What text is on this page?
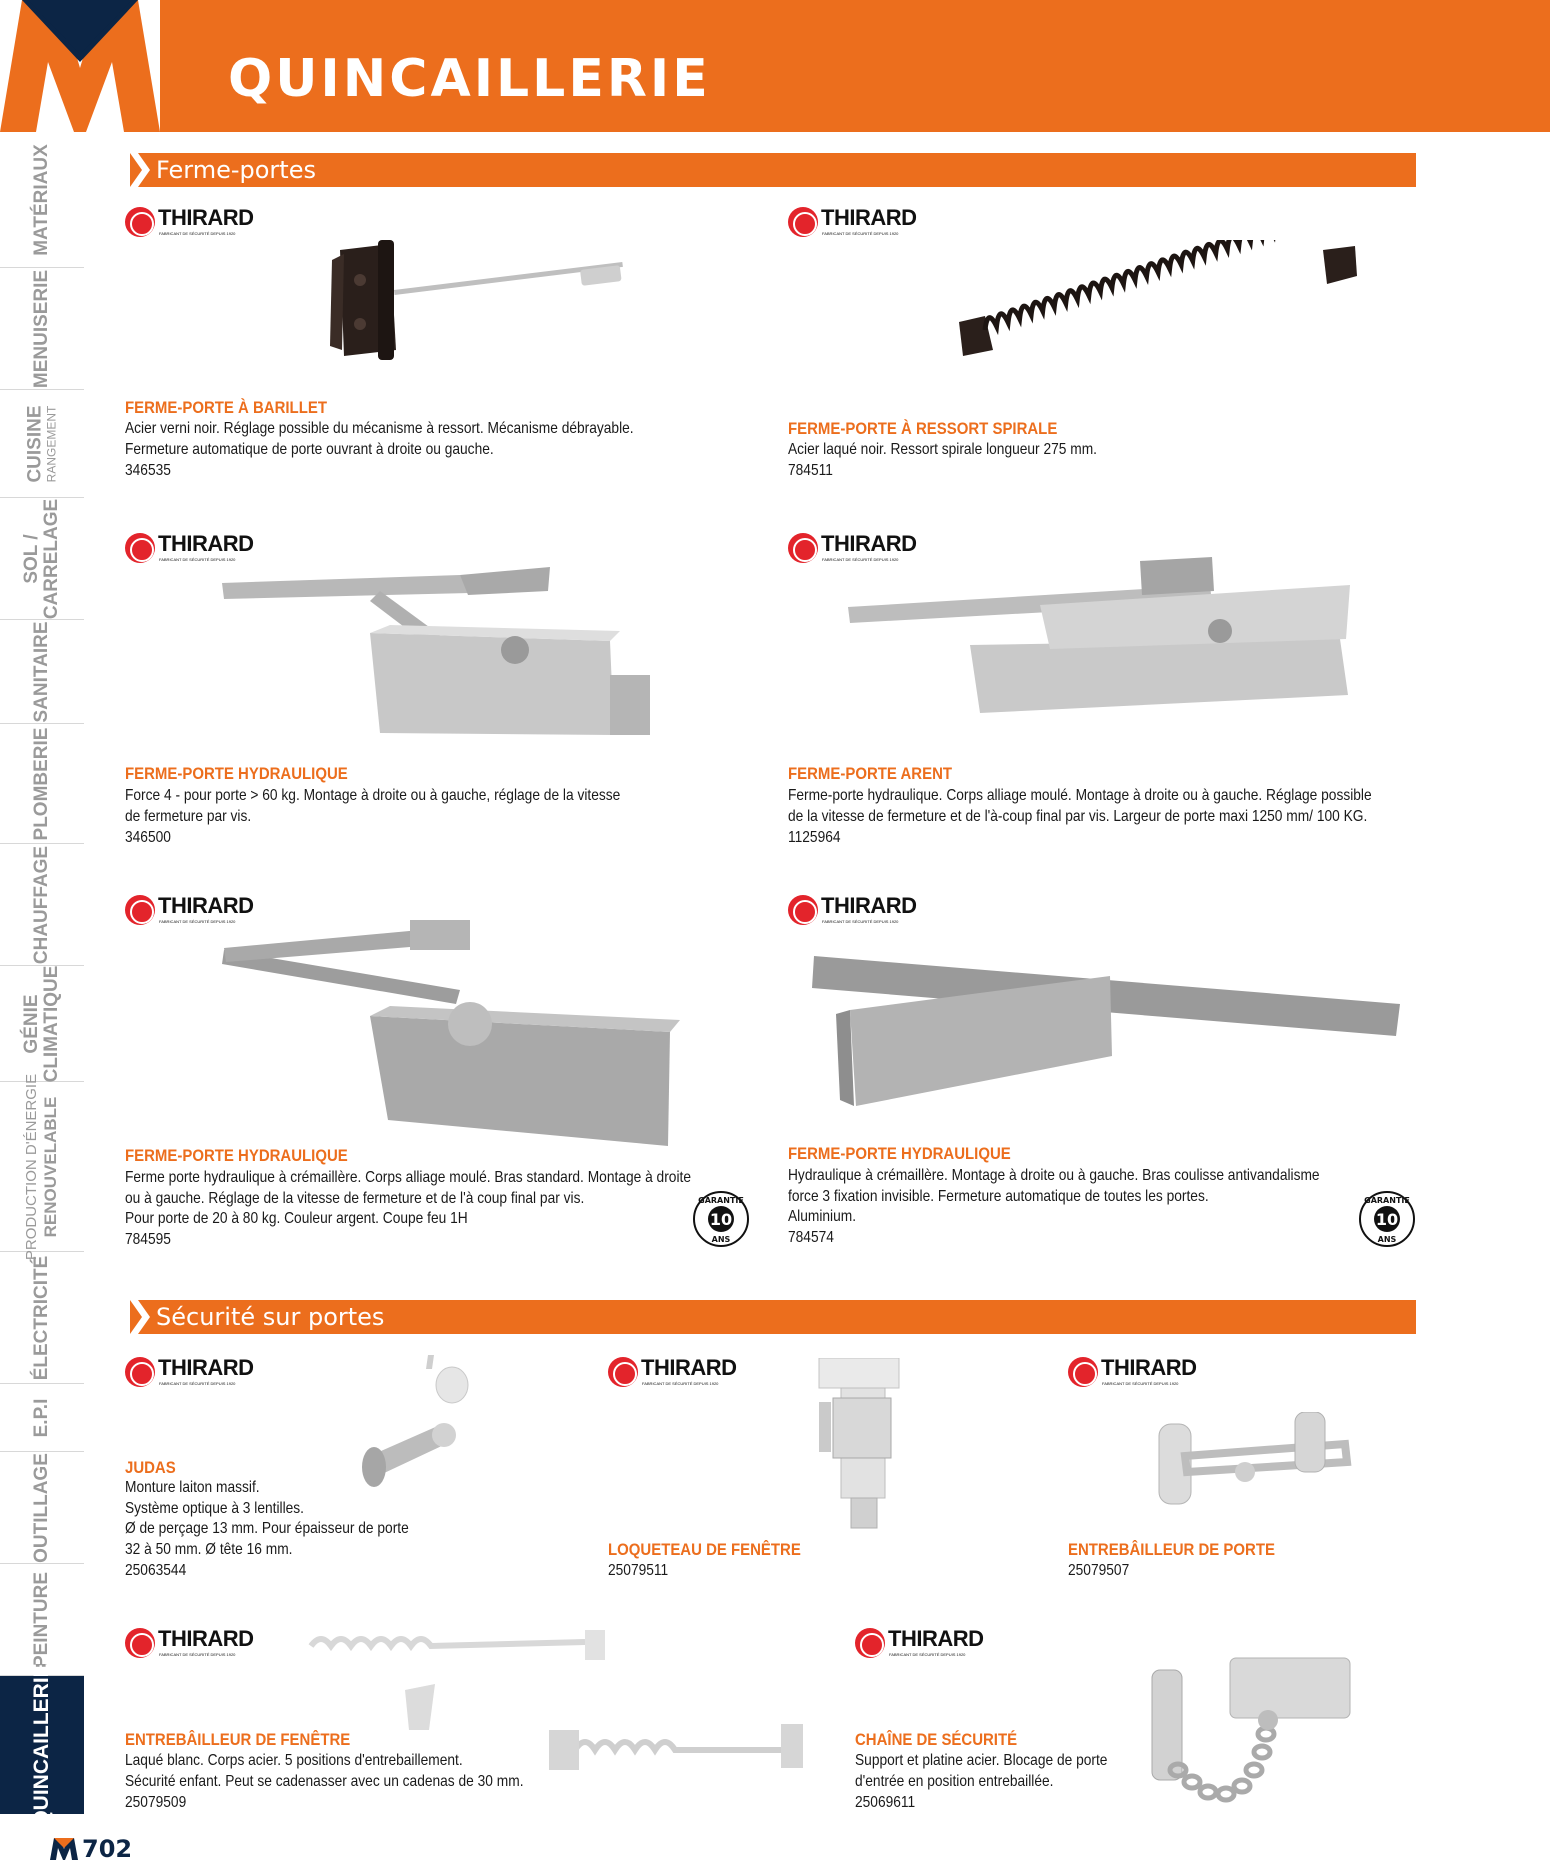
QUINCAILLERIE
MATÉRIAUX
MENUISERIE
CUISINE RANGEMENT
SOL / CARRELAGE
SANITAIRE
PLOMBERIE
CHAUFFAGE
GÉNIE CLIMATIQUE
PRODUCTION D'ÉNERGIE RENOUVELABLE
ÉLECTRICITÉ
E.P.I
OUTILLAGE
PEINTURE
QUINCAILLERIE
Ferme-portes
THIRARD
FABRICANT DE SÉCURITÉ DEPUIS 1920
FERME-PORTE À BARILLET

Acier verni noir. Réglage possible du mécanisme à ressort. Mécanisme débrayable.

Fermeture automatique de porte ouvrant à droite ou gauche.

346535
THIRARD
FABRICANT DE SÉCURITÉ DEPUIS 1920
FERME-PORTE À RESSORT SPIRALE

Acier laqué noir. Ressort spirale longueur 275 mm.

784511
THIRARD
FABRICANT DE SÉCURITÉ DEPUIS 1920
FERME-PORTE HYDRAULIQUE

Force 4 - pour porte > 60 kg. Montage à droite ou à gauche, réglage de la vitesse

de fermeture par vis.

346500
THIRARD
FABRICANT DE SÉCURITÉ DEPUIS 1920
FERME-PORTE ARENT

Ferme-porte hydraulique. Corps alliage moulé. Montage à droite ou à gauche. Réglage possible

de la vitesse de fermeture et de l'à-coup final par vis. Largeur de porte maxi 1250 mm/ 100 KG.

1125964
THIRARD
FABRICANT DE SÉCURITÉ DEPUIS 1920
FERME-PORTE HYDRAULIQUE

Ferme porte hydraulique à crémaillère. Corps alliage moulé. Bras standard. Montage à droite

ou à gauche. Réglage de la vitesse de fermeture et de l'à coup final par vis.

Pour porte de 20 à 80 kg. Couleur argent. Coupe feu 1H

784595
10
GARANTIE
ANS
THIRARD
FABRICANT DE SÉCURITÉ DEPUIS 1920
FERME-PORTE HYDRAULIQUE

Hydraulique à crémaillère. Montage à droite ou à gauche. Bras coulisse antivandalisme

force 3 fixation invisible. Fermeture automatique de toutes les portes.

Aluminium.

784574
10
GARANTIE
ANS
Sécurité sur portes
THIRARD
FABRICANT DE SÉCURITÉ DEPUIS 1920
JUDAS

Monture laiton massif.

Système optique à 3 lentilles.

Ø de perçage 13 mm. Pour épaisseur de porte

32 à 50 mm. Ø tête 16 mm.

25063544
THIRARD
FABRICANT DE SÉCURITÉ DEPUIS 1920
LOQUETEAU DE FENÊTRE
25079511
THIRARD
FABRICANT DE SÉCURITÉ DEPUIS 1920
ENTREBÂILLEUR DE PORTE
25079507
THIRARD
FABRICANT DE SÉCURITÉ DEPUIS 1920
ENTREBÂILLEUR DE FENÊTRE

Laqué blanc. Corps acier. 5 positions d'entrebaillement.

Sécurité enfant. Peut se cadenasser avec un cadenas de 30 mm.

25079509
THIRARD
FABRICANT DE SÉCURITÉ DEPUIS 1920
CHAÎNE DE SÉCURITÉ

Support et platine acier. Blocage de porte

d'entrée en position entrebaillée.

25069611
702
